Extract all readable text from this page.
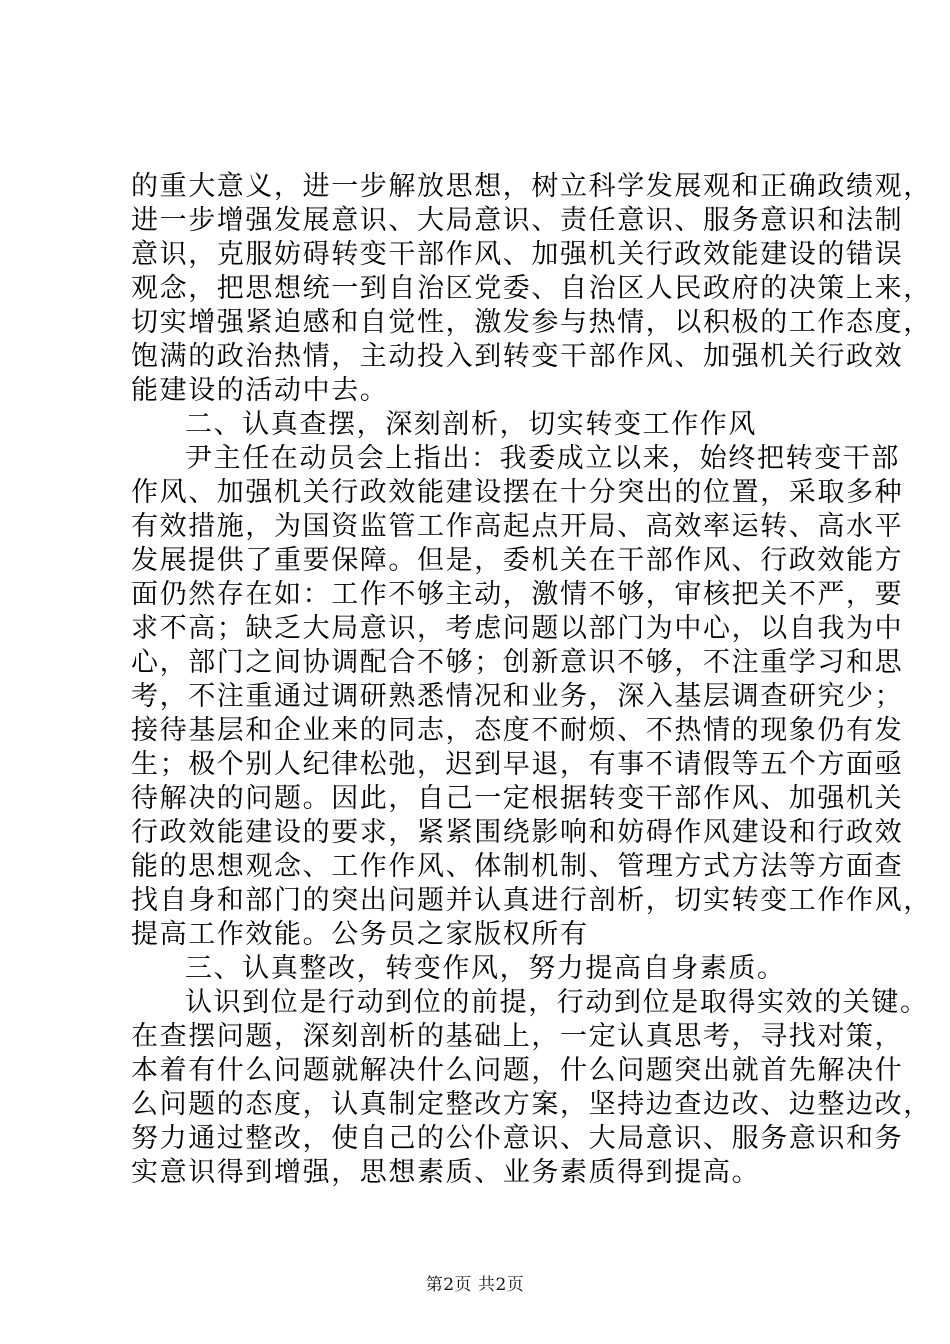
的重大意义，进一步解放思想，树立科学发展观和正确政绩观，
进一步增强发展意识、大局意识、责任意识、服务意识和法制
意识，克服妨碍转变干部作风、加强机关行政效能建设的错误
观念，把思想统一到自治区党委、自治区人民政府的决策上来，
切实增强紧迫感和自觉性，激发参与热情，以积极的工作态度，
饱满的政治热情，主动投入到转变干部作风、加强机关行政效
能建设的活动中去。
二、认真查摆，深刻剖析，切实转变工作作风
尹主任在动员会上指出：我委成立以来，始终把转变干部
作风、加强机关行政效能建设摆在十分突出的位置，采取多种
有效措施，为国资监管工作高起点开局、高效率运转、高水平
发展提供了重要保障。但是，委机关在干部作风、行政效能方
面仍然存在如：工作不够主动，激情不够，审核把关不严，要
求不高；缺乏大局意识，考虑问题以部门为中心，以自我为中
心，部门之间协调配合不够；创新意识不够，不注重学习和思
考，不注重通过调研熟悉情况和业务，深入基层调查研究少；
接待基层和企业来的同志，态度不耐烦、不热情的现象仍有发
生；极个别人纪律松弛，迟到早退，有事不请假等五个方面亟
待解决的问题。因此，自己一定根据转变干部作风、加强机关
行政效能建设的要求，紧紧围绕影响和妨碍作风建设和行政效
能的思想观念、工作作风、体制机制、管理方式方法等方面查
找自身和部门的突出问题并认真进行剖析，切实转变工作作风，
提高工作效能。公务员之家版权所有
三、认真整改，转变作风，努力提高自身素质。
认识到位是行动到位的前提，行动到位是取得实效的关键。
在查摆问题，深刻剖析的基础上，一定认真思考，寻找对策，
本着有什么问题就解决什么问题，什么问题突出就首先解决什
么问题的态度，认真制定整改方案，坚持边查边改、边整边改，
努力通过整改，使自己的公仆意识、大局意识、服务意识和务
实意识得到增强，思想素质、业务素质得到提高。
第2页 共2页
